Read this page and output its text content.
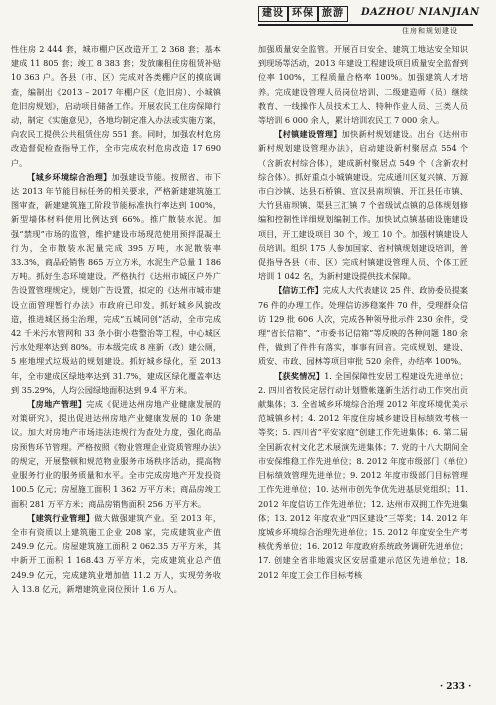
建设 环保 旅游	DAZHOU NIANJIAN
住房和规划建设

性住房 2 444 套，城市棚户区改造开工 2 368 套；基本建成 11 805 套；竣工 8 383 套；发放廉租住房租赁补贴 10 363 户。各县（市、区）完成对各类棚户区的摸底调查，编制出《2013 – 2017 年棚户区（危旧房）、小城镇危旧房规划》，启动项目储备工作。开展农民工住房保障行动，制定《实施意见》，各地均制定准入办法或实施方案，向农民工提供公共租赁住房 551 套。同时，加强农村危房改造督促检查指导工作，全市完成农村危房改造 17 690 户。

【城乡环境综合治理】加强建设节能。按照省、市下达 2013 年节能目标任务的相关要求，严格新建建筑施工图审查，新建建筑施工阶段节能标准执行率达到 100%，新型墙体材料使用比例达到 66%。推广散装水泥。加强“禁现”市场的监管，维护建设市场现范使用预拌混凝土行为，全市散装水泥量完成 395 万吨，水泥散装率 33.3%，商品砼销售 865 万立方米，水泥生产总量 1 186 万吨。抓好生态环境建设。严格执行《达州市城区户外广告设置管理规定》，规划广告设置，拟定的《达州市城市建设立面管理暂行办法》市政府已印发。抓好城乡风貌改造，推进城区扬尘治理，完成“五城同创”活动，全市完成 42 千米污水管网和 33 条小街小巷整治等工程，中心城区污水处理率达到 80%。市本级完成 8 座新（改）建公厕，5 座地埋式垃圾站的规划建设。抓好城乡绿化，至 2013 年，全市建成区绿地率达到 31.7%，建成区绿化覆盖率达到 35.29%，人均公园绿地面积达到 9.4 平方米。

【房地产管理】完成《促进达州房地产业健康发展的对策研究》，提出促进达州房地产业健康发展的 10 条建议。加大对房地产市场违法违规行为查处力度，强化商品房预售环节管理。严格按照《物业管理企业资质管理办法》的规定，开展整顿和规范物业服务市场秩序活动，提高物业服务行业的服务质量和水平。全市完成房地产开发投资 100.5 亿元；房屋施工面积 1 362 万平方米；商品房竣工面积 281 万平方米；商品房销售面积 256 万平方米。

【建筑行业管理】做大做强建筑产业。至 2013 年，全市有资质以上建筑施工企业 208 家，完成建筑业产值 249.9 亿元。房屋建筑施工面积 2 062.35 万平方米，其中新开工面积 1 168.43 万平方米，完成建筑业总产值 249.9 亿元，完成建筑业增加值 11.2 万人，实现劳务收入 13.8 亿元，新增建筑业岗位预计 1.6 万人。

加强质量安全监管。开展百日安全、建筑工地达安全知识到现场等活动，2013 年建设工程建设项目质量安全监督到位率 100%，工程质量合格率 100%。加强建筑人才培养。完成建设管理人员岗位培训、二级建造师（员）继续教育、一线操作人员技术工人、特种作业人员、三类人员等培训 6 000 余人，累计培训农民工 7 000 余人。

【村镇建设管理】加快新村规划建设。出台《达州市新村规划建设管理办法》，启动建设新村聚居点 554 个（含新农村综合体），建成新村聚居点 549 个（含新农村综合体）。抓好重点小城镇建设。完成通川区复兴镇、万源市白沙镇、达县石桥镇、宣汉县南坝镇、开江县任市镇、大竹县庙坝镇、渠县三汇镇 7 个省级试点镇的总体规划修编和控制性详细规划编制工作。加快试点镇基础设施建设项目，开工建设项目 30 个，竣工 10 个。加强村镇建设人员培训。组织 175 人参加国家、省村镇规划建设培训，普促指导各县（市、区）完成村镇建设管理人员、个体工匠培训 1 042 名，为新村建设提供技术保障。

【信访工作】完成人大代表建议 25 件、政协委员提案 76 件的办理工作。处理信访涉稳案件 70 件，受理群众信访 129 批 606 人次，完成各种领导批示件 230 余件，受理“省长信箱”、“市委书记信箱”等反映的各种问题 180 余件，做到了件件有落实，事事有回音。完成规划、建设、质安、市政、园林等项目审批 520 余件，办结率 100%。

【获奖情况】1. 全国保障性安居工程建设先进单位；2. 四川省牧民定居行动计划暨帐篷新生活行动工作突出贡献集体；3. 全省城乡环境综合治理 2012 年度环境优美示范城镇乡村；4. 2012 年度住房城乡建设目标绩效考核一等奖；5. 四川省“平安家庭”创建工作先进集体；6. 第二届全国新农村文化艺术展演先进集体；7. 党的十八大期间全市安保维稳工作先进单位；8. 2012 年度市级部门（单位）目标绩效管理先进单位；9. 2012 年度市级部门目标管理工作先进单位；10. 达州市创先争优先进基层党组织；11. 2012 年度信访工作先进单位；12. 达州市双拥工作先进集体；13. 2012 年度农业“四区建设”三等奖；14. 2012 年度城乡环境综合治理先进单位；15. 2012 年度安全生产考核优秀单位；16. 2012 年度政府系统政务调研先进单位；17. 创建全省非地震灾区安居重建示范区先进单位；18. 2012 年度工会工作目标考核

· 233 ·
